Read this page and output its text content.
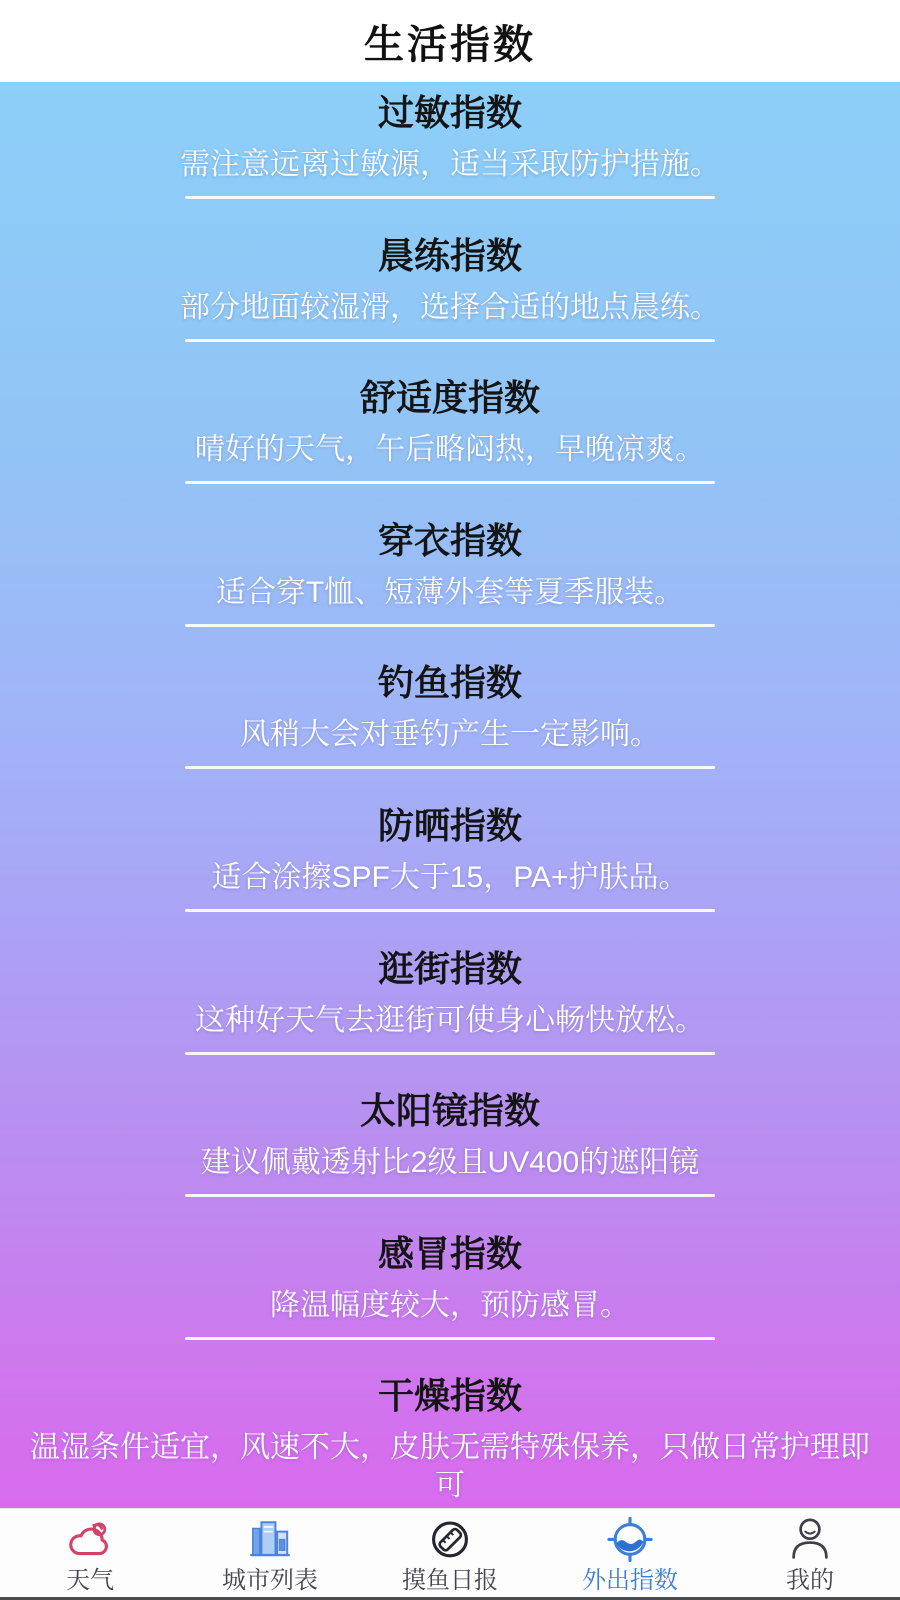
生活指数
过敏指数

需注意远离过敏源，适当采取防护措施。

晨练指数

部分地面较湿滑，选择合适的地点晨练。

舒适度指数

晴好的天气，午后略闷热，早晚凉爽。

穿衣指数

适合穿T恤、短薄外套等夏季服装。

钓鱼指数

风稍大会对垂钓产生一定影响。

防晒指数

适合涂擦SPF大于15，PA+护肤品。

逛街指数

这种好天气去逛街可使身心畅快放松。

太阳镜指数

建议佩戴透射比2级且UV400的遮阳镜

感冒指数

降温幅度较大，预防感冒。

干燥指数

温湿条件适宜，风速不大，皮肤无需特殊保养，只做日常护理即可

天气	城市列表	摸鱼日报	外出指数	我的
